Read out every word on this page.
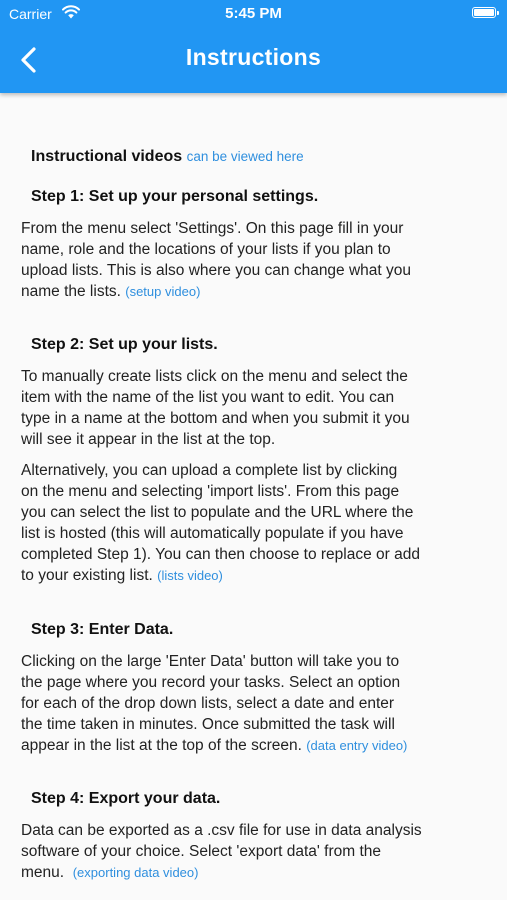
Carrier	5:45 PM
Instructions
Instructional videos can be viewed here
Step 1: Set up your personal settings.
From the menu select 'Settings'. On this page fill in your
name, role and the locations of your lists if you plan to
upload lists. This is also where you can change what you
name the lists. (setup video)
Step 2: Set up your lists.
To manually create lists click on the menu and select the
item with the name of the list you want to edit. You can
type in a name at the bottom and when you submit it you
will see it appear in the list at the top.
Alternatively, you can upload a complete list by clicking
on the menu and selecting 'import lists'. From this page
you can select the list to populate and the URL where the
list is hosted (this will automatically populate if you have
completed Step 1). You can then choose to replace or add
to your existing list. (lists video)
Step 3: Enter Data.
Clicking on the large 'Enter Data' button will take you to
the page where you record your tasks. Select an option
for each of the drop down lists, select a date and enter
the time taken in minutes. Once submitted the task will
appear in the list at the top of the screen. (data entry video)
Step 4: Export your data.
Data can be exported as a .csv file for use in data analysis
software of your choice. Select 'export data' from the
menu. (exporting data video)
